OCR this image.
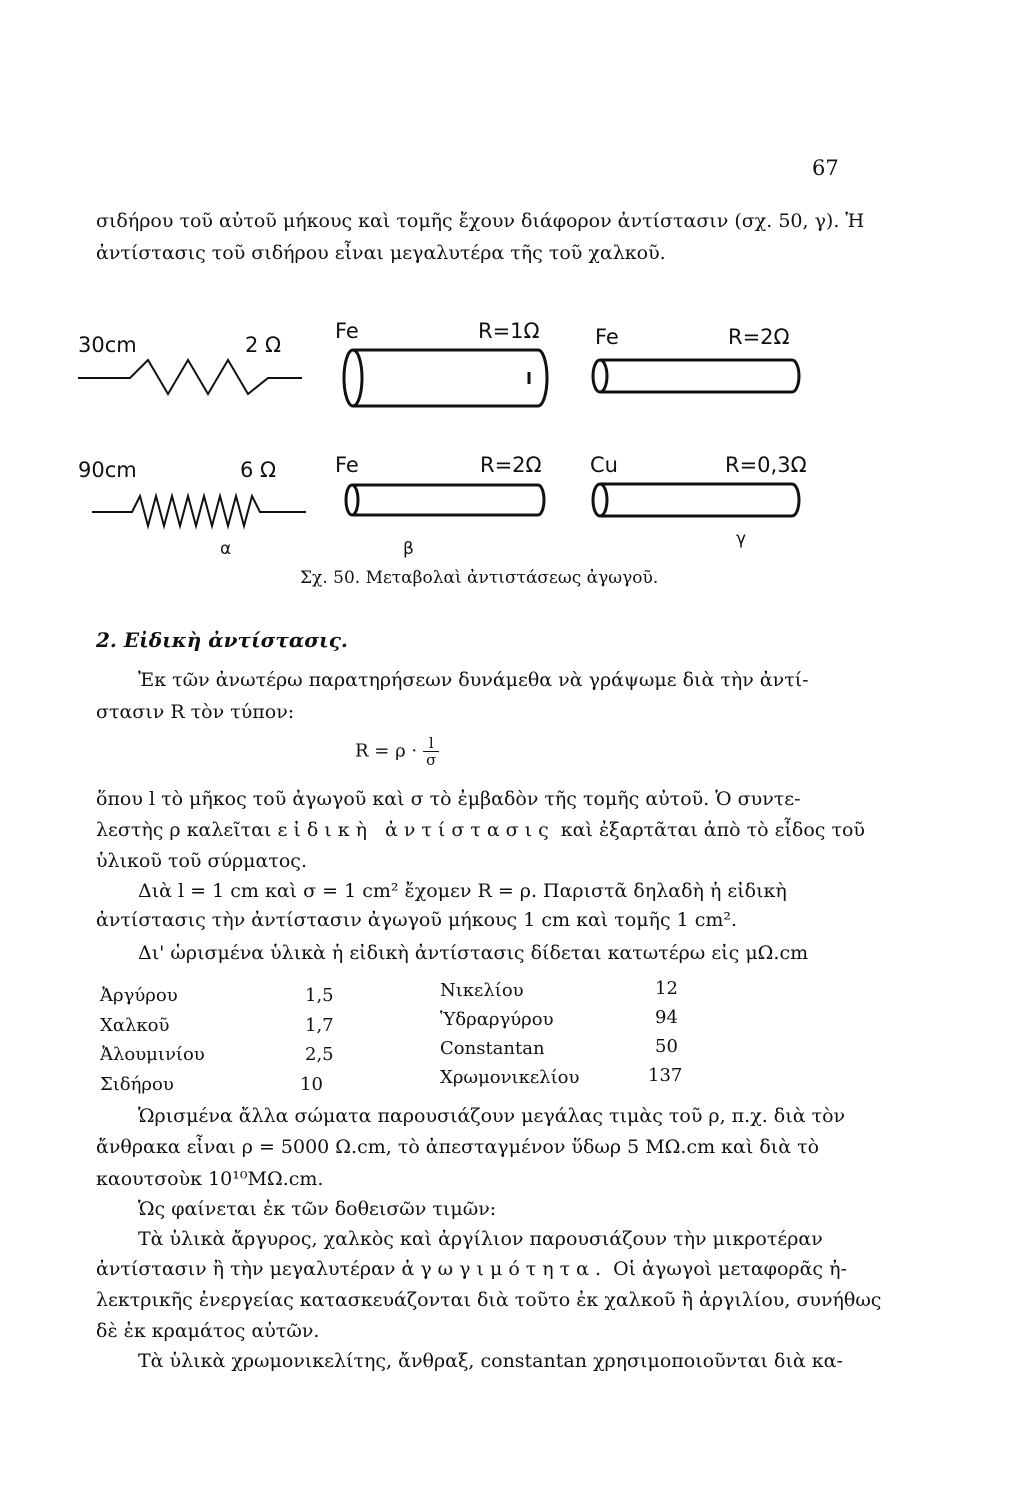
67
σιδήρου τοῦ αὐτοῦ μήκους καὶ τομῆς ἔχουν διάφορον ἀντίστασιν (σχ. 50, γ). Ἡ
ἀντίστασις τοῦ σιδήρου εἶναι μεγαλυτέρα τῆς τοῦ χαλκοῦ.
30cm	2 Ω
90cm	6 Ω
α
Fe	R=1Ω
Fe	R=2Ω
β
Fe	R=2Ω
Cu	R=0,3Ω
γ
Σχ. 50. Μεταβολαὶ ἀντιστάσεως ἀγωγοῦ.
2. Εἰδικὴ ἀντίστασις.
Ἐκ τῶν ἀνωτέρω παρατηρήσεων δυνάμεθα νὰ γράψωμε διὰ τὴν ἀντί-
στασιν R τὸν τύπον:
$R = \rho \cdot \frac{l}{\sigma}$
ὅπου l τὸ μῆκος τοῦ ἀγωγοῦ καὶ σ τὸ ἐμβαδὸν τῆς τομῆς αὐτοῦ. Ὁ συντε-
λεστὴς ρ καλεῖται εἰδικὴ ἀντίστασις καὶ ἐξαρτᾶται ἀπὸ τὸ εἶδος τοῦ
ὑλικοῦ τοῦ σύρματος.
Διὰ l = 1 cm καὶ σ = 1 cm² ἔχομεν R = ρ. Παριστᾶ δηλαδὴ ἡ εἰδικὴ
ἀντίστασις τὴν ἀντίστασιν ἀγωγοῦ μήκους 1 cm καὶ τομῆς 1 cm².
Δι' ὡρισμένα ὑλικὰ ἡ εἰδικὴ ἀντίστασις δίδεται κατωτέρω εἰς μΩ.cm
Ἀργύρου	1,5
Χαλκοῦ	1,7
Ἀλουμινίου	2,5
Σιδήρου	10
Νικελίου	12
Ὑδραργύρου	94
Constantan	50
Χρωμονικελίου	137
Ὡρισμένα ἄλλα σώματα παρουσιάζουν μεγάλας τιμὰς τοῦ ρ, π.χ. διὰ τὸν
ἄνθρακα εἶναι ρ = 5000 Ω.cm, τὸ ἀπεσταγμένον ὕδωρ 5 ΜΩ.cm καὶ διὰ τὸ
καουτσοὺκ 10¹⁰ΜΩ.cm.
Ὡς φαίνεται ἐκ τῶν δοθεισῶν τιμῶν:
Τὰ ὑλικὰ ἄργυρος, χαλκὸς καὶ ἀργίλιον παρουσιάζουν τὴν μικροτέραν
ἀντίστασιν ἢ τὴν μεγαλυτέραν ἀγωγιμότητα. Οἱ ἀγωγοὶ μεταφορᾶς ἠ-
λεκτρικῆς ἐνεργείας κατασκευάζονται διὰ τοῦτο ἐκ χαλκοῦ ἢ ἀργιλίου, συνήθως
δὲ ἐκ κραμάτος αὐτῶν.
Τὰ ὑλικὰ χρωμονικελίτης, ἄνθραξ, constantan χρησιμοποιοῦνται διὰ κα-
